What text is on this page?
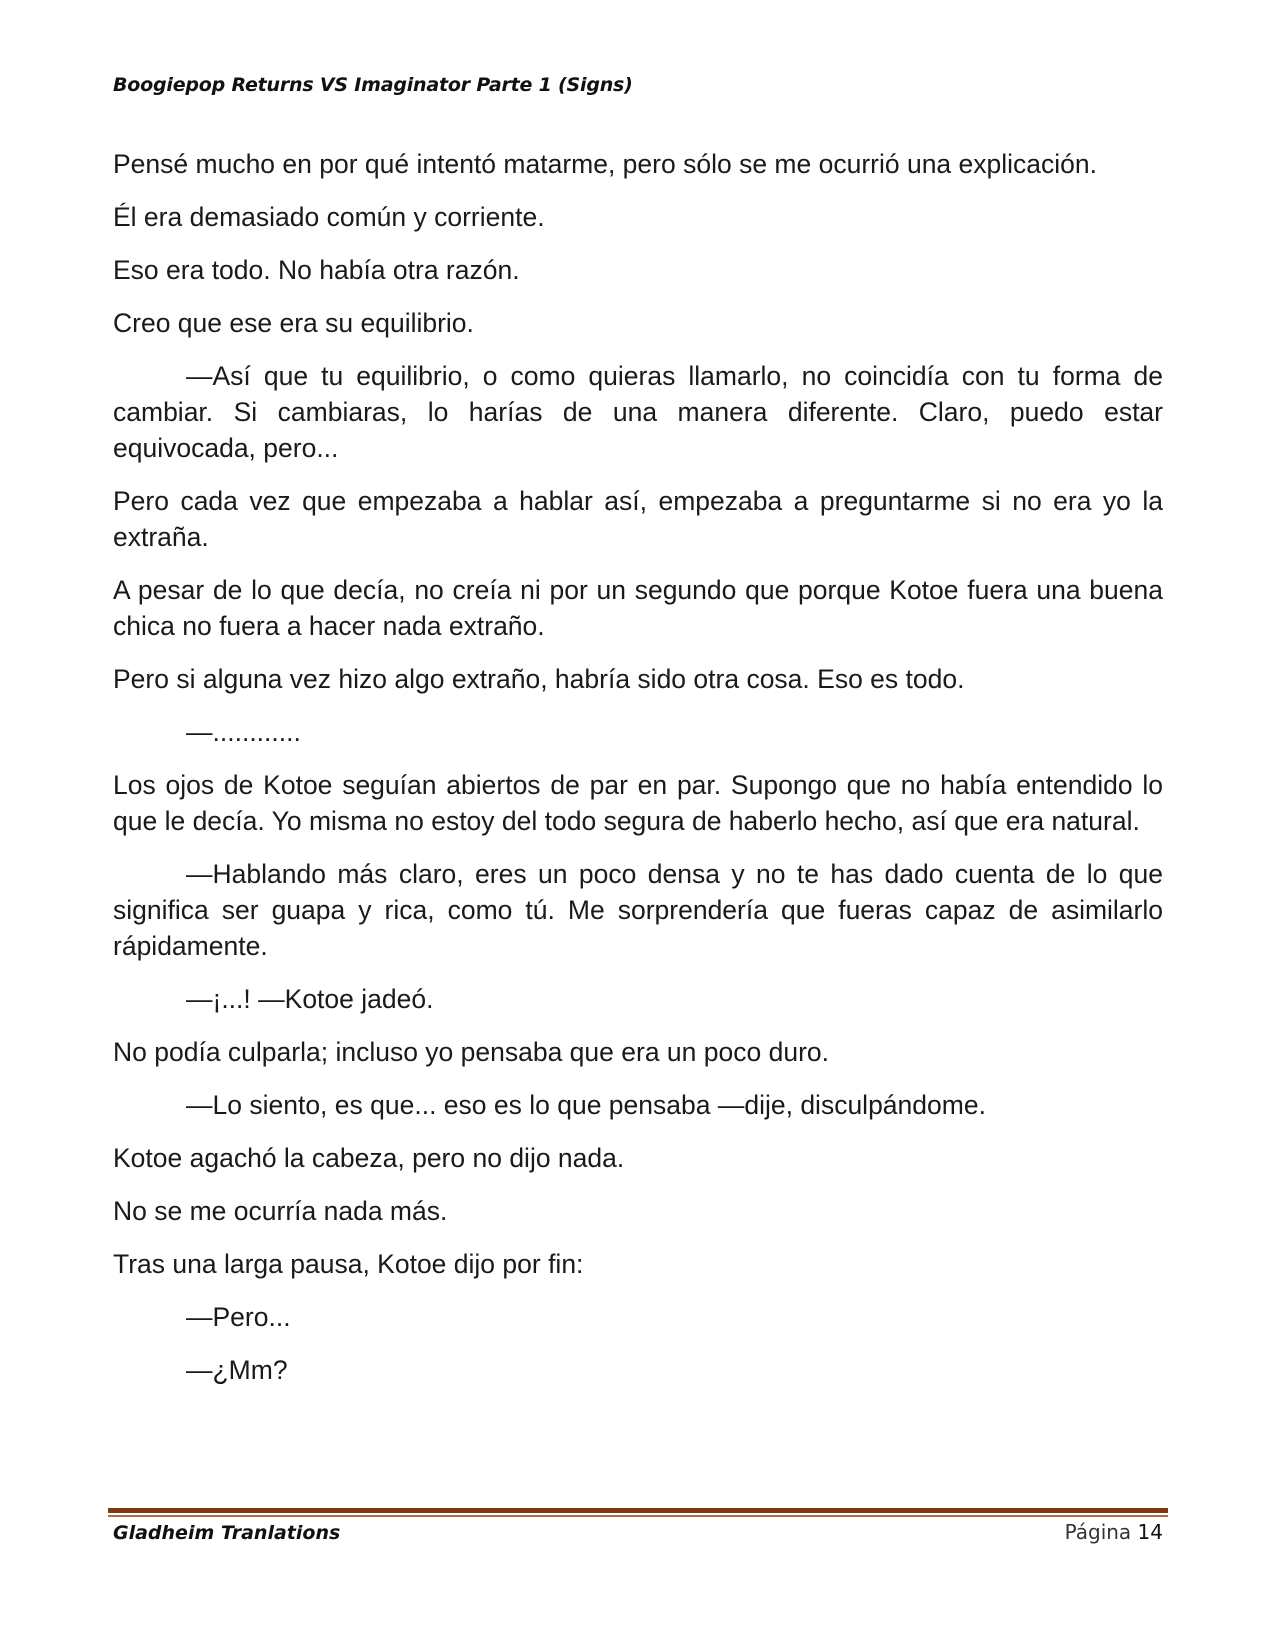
Boogiepop Returns VS Imaginator Parte 1 (Signs)

Pensé mucho en por qué intentó matarme, pero sólo se me ocurrió una explicación.

Él era demasiado común y corriente.

Eso era todo. No había otra razón.

Creo que ese era su equilibrio.

—Así que tu equilibrio, o como quieras llamarlo, no coincidía con tu forma de cambiar. Si cambiaras, lo harías de una manera diferente. Claro, puedo estar equivocada, pero...

Pero cada vez que empezaba a hablar así, empezaba a preguntarme si no era yo la extraña.

A pesar de lo que decía, no creía ni por un segundo que porque Kotoe fuera una buena chica no fuera a hacer nada extraño.

Pero si alguna vez hizo algo extraño, habría sido otra cosa. Eso es todo.

—............

Los ojos de Kotoe seguían abiertos de par en par. Supongo que no había entendido lo que le decía. Yo misma no estoy del todo segura de haberlo hecho, así que era natural.

—Hablando más claro, eres un poco densa y no te has dado cuenta de lo que significa ser guapa y rica, como tú. Me sorprendería que fueras capaz de asimilarlo rápidamente.

—¡...! —Kotoe jadeó.

No podía culparla; incluso yo pensaba que era un poco duro.

—Lo siento, es que... eso es lo que pensaba —dije, disculpándome.

Kotoe agachó la cabeza, pero no dijo nada.

No se me ocurría nada más.

Tras una larga pausa, Kotoe dijo por fin:

—Pero...

—¿Mm?

Gladheim Tranlations	Página 14
